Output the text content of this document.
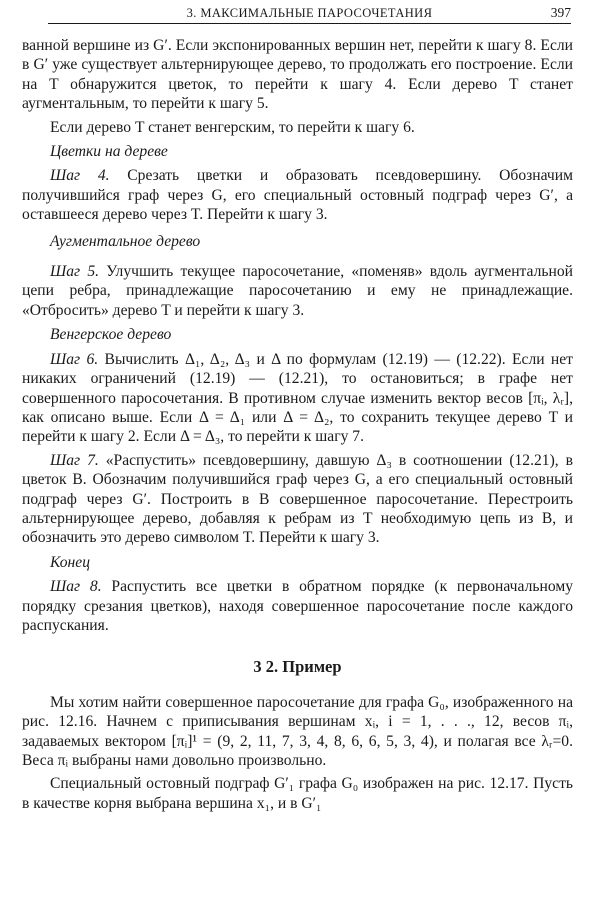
3. МАКСИМАЛЬНЫЕ ПАРОСОЧЕТАНИЯ	397

ванной вершине из G′. Если экспонированных вершин нет, перейти к шагу 8. Если в G′ уже существует альтернирующее дерево, то продолжать его построение. Если на T обнаружится цветок, то перейти к шагу 4. Если дерево T станет аугментальным, то перейти к шагу 5.

Если дерево T станет венгерским, то перейти к шагу 6.

Цветки на дереве

Шаг 4. Срезать цветки и образовать псевдовершину. Обозначим получившийся граф через G, его специальный остовный подграф через G′, а оставшееся дерево через T. Перейти к шагу 3.

Аугментальное дерево

Шаг 5. Улучшить текущее паросочетание, «поменяв» вдоль аугментальной цепи ребра, принадлежащие паросочетанию и ему не принадлежащие. «Отбросить» дерево T и перейти к шагу 3.

Венгерское дерево

Шаг 6. Вычислить Δ₁, Δ₂, Δ₃ и Δ по формулам (12.19) — (12.22). Если нет никаких ограничений (12.19) — (12.21), то остановиться; в графе нет совершенного паросочетания. В противном случае изменить вектор весов [πᵢ, λᵣ], как описано выше. Если Δ = Δ₁ или Δ = Δ₂, то сохранить текущее дерево T и перейти к шагу 2. Если Δ = Δ₃, то перейти к шагу 7.

Шаг 7. «Распустить» псевдовершину, давшую Δ₃ в соотношении (12.21), в цветок B. Обозначим получившийся граф через G, а его специальный остовный подграф через G′. Построить в B совершенное паросочетание. Перестроить альтернирующее дерево, добавляя к ребрам из T необходимую цепь из B, и обозначить это дерево символом T. Перейти к шагу 3.

Конец

Шаг 8. Распустить все цветки в обратном порядке (к первоначальному порядку срезания цветков), находя совершенное паросочетание после каждого распускания.

3 2. Пример

Мы хотим найти совершенное паросочетание для графа G₀, изображенного на рис. 12.16. Начнем с приписывания вершинам xᵢ, i = 1, . . ., 12, весов πᵢ, задаваемых вектором [πᵢ]¹ = (9, 2, 11, 7, 3, 4, 8, 6, 6, 5, 3, 4), и полагая все λᵣ=0. Веса πᵢ выбраны нами довольно произвольно.

Специальный остовный подграф G′₁ графа G₀ изображен на рис. 12.17. Пусть в качестве корня выбрана вершина x₁, и в G′₁
